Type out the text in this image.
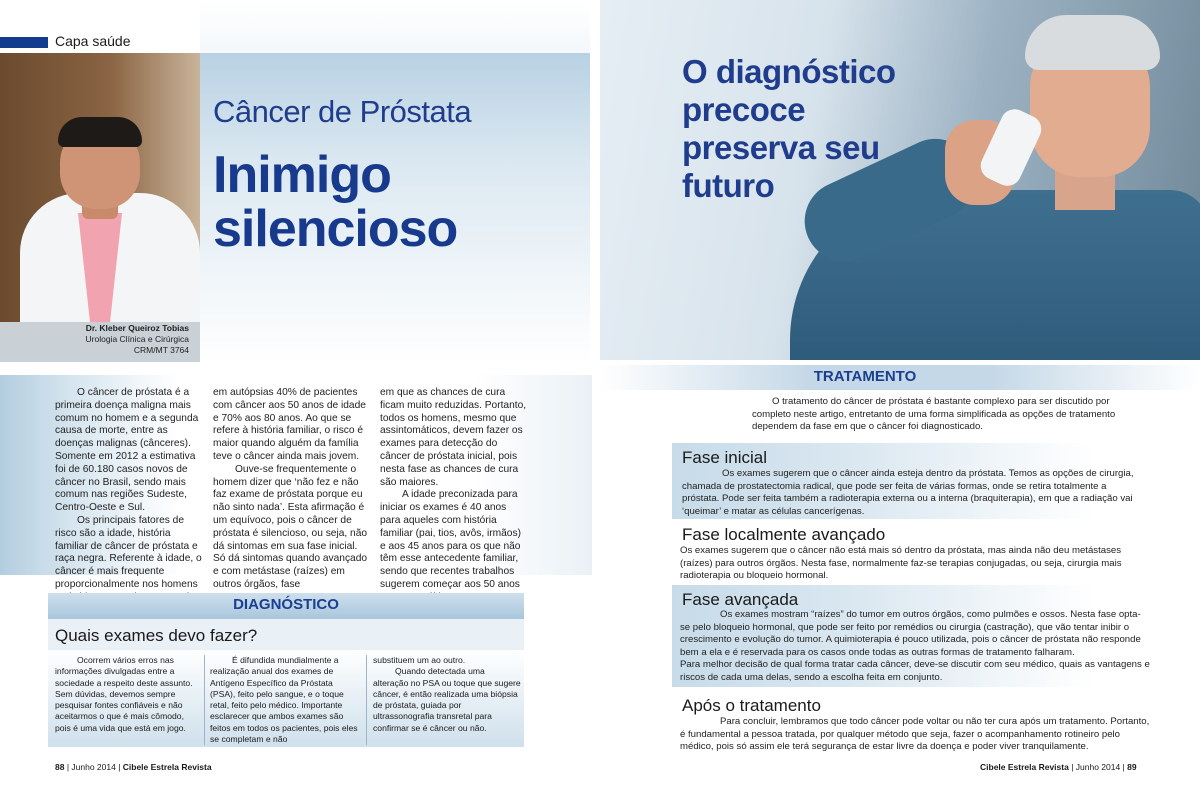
Capa saúde
Dr. Kleber Queiroz Tobias
Urologia Clínica e Cirúrgica
CRM/MT 3764
Câncer de Próstata
Inimigo
silencioso

O câncer de próstata é a primeira doença maligna mais comum no homem e a segunda causa de morte, entre as doenças malignas (cânceres). Somente em 2012 a estimativa foi de 60.180 casos novos de câncer no Brasil, sendo mais comum nas regiões Sudeste, Centro-Oeste e Sul.

Os principais fatores de risco são a idade, história familiar de câncer de próstata e raça negra. Referente à idade, o câncer é mais frequente proporcionalmente nos homens

em autópsias 40% de pacientes com câncer aos 50 anos de idade e 70% aos 80 anos. Ao que se refere à história familiar, o risco é maior quando alguém da família teve o câncer ainda mais jovem.

Ouve-se frequentemente o homem dizer que ‘não fez e não faz exame de próstata porque eu não sinto nada’. Esta afirmação é um equívoco, pois o câncer de próstata é silencioso, ou seja, não dá sintomas em sua fase inicial. Só dá sintomas quando avançado e com metástase (raízes) em outros órgãos, fase

em que as chances de cura ficam muito reduzidas. Portanto, todos os homens, mesmo que assintomáticos, devem fazer os exames para detecção do câncer de próstata inicial, pois nesta fase as chances de cura são maiores.

A idade preconizada para iniciar os exames é 40 anos para aqueles com história familiar (pai, tios, avôs, irmãos) e aos 45 anos para os que não têm esse antecedente familiar, sendo que recentes trabalhos sugerem começar aos 50 anos

DIAGNÓSTICO
Quais exames devo fazer?

Ocorrem vários erros nas informações divulgadas entre a sociedade a respeito deste assunto. Sem dúvidas, devemos sempre pesquisar fontes confiáveis e não aceitarmos o que é mais cômodo, pois é uma vida que está em jogo.

É difundida mundialmente a realização anual dos exames de Antígeno Específico da Próstata (PSA), feito pelo sangue, e o toque retal, feito pelo médico. Importante esclarecer que ambos exames são feitos em todos os pacientes, pois eles se completam e não

substituem um ao outro.

Quando detectada uma alteração no PSA ou toque que sugere câncer, é então realizada uma biópsia de próstata, guiada por ultrassonografia transretal para confirmar se é câncer ou não.

88 | Junho 2014 | Cibele Estrela Revista
O diagnóstico
precoce
preserva seu
futuro
TRATAMENTO

O tratamento do câncer de próstata é bastante complexo para ser discutido por completo neste artigo, entretanto de uma forma simplificada as opções de tratamento dependem da fase em que o câncer foi diagnosticado.

Fase inicial

Os exames sugerem que o câncer ainda esteja dentro da próstata. Temos as opções de cirurgia, chamada de prostatectomia radical, que pode ser feita de várias formas, onde se retira totalmente a próstata. Pode ser feita também a radioterapia externa ou a interna (braquiterapia), em que a radiação vai ‘queimar’ e matar as células cancerígenas.

Fase localmente avançado

Os exames sugerem que o câncer não está mais só dentro da próstata, mas ainda não deu metástases (raízes) para outros órgãos. Nesta fase, normalmente faz-se terapias conjugadas, ou seja, cirurgia mais radioterapia ou bloqueio hormonal.

Fase avançada

Os exames mostram “raízes” do tumor em outros órgãos, como pulmões e ossos. Nesta fase opta-se pelo bloqueio hormonal, que pode ser feito por remédios ou cirurgia (castração), que vão tentar inibir o crescimento e evolução do tumor. A quimioterapia é pouco utilizada, pois o câncer de próstata não responde bem a ela e é reservada para os casos onde todas as outras formas de tratamento falharam.

Para melhor decisão de qual forma tratar cada câncer, deve-se discutir com seu médico, quais as vantagens e riscos de cada uma delas, sendo a escolha feita em conjunto.

Após o tratamento

Para concluir, lembramos que todo câncer pode voltar ou não ter cura após um tratamento. Portanto, é fundamental a pessoa tratada, por qualquer método que seja, fazer o acompanhamento rotineiro pelo médico, pois só assim ele terá segurança de estar livre da doença e poder viver tranquilamente.

Cibele Estrela Revista | Junho 2014 | 89
